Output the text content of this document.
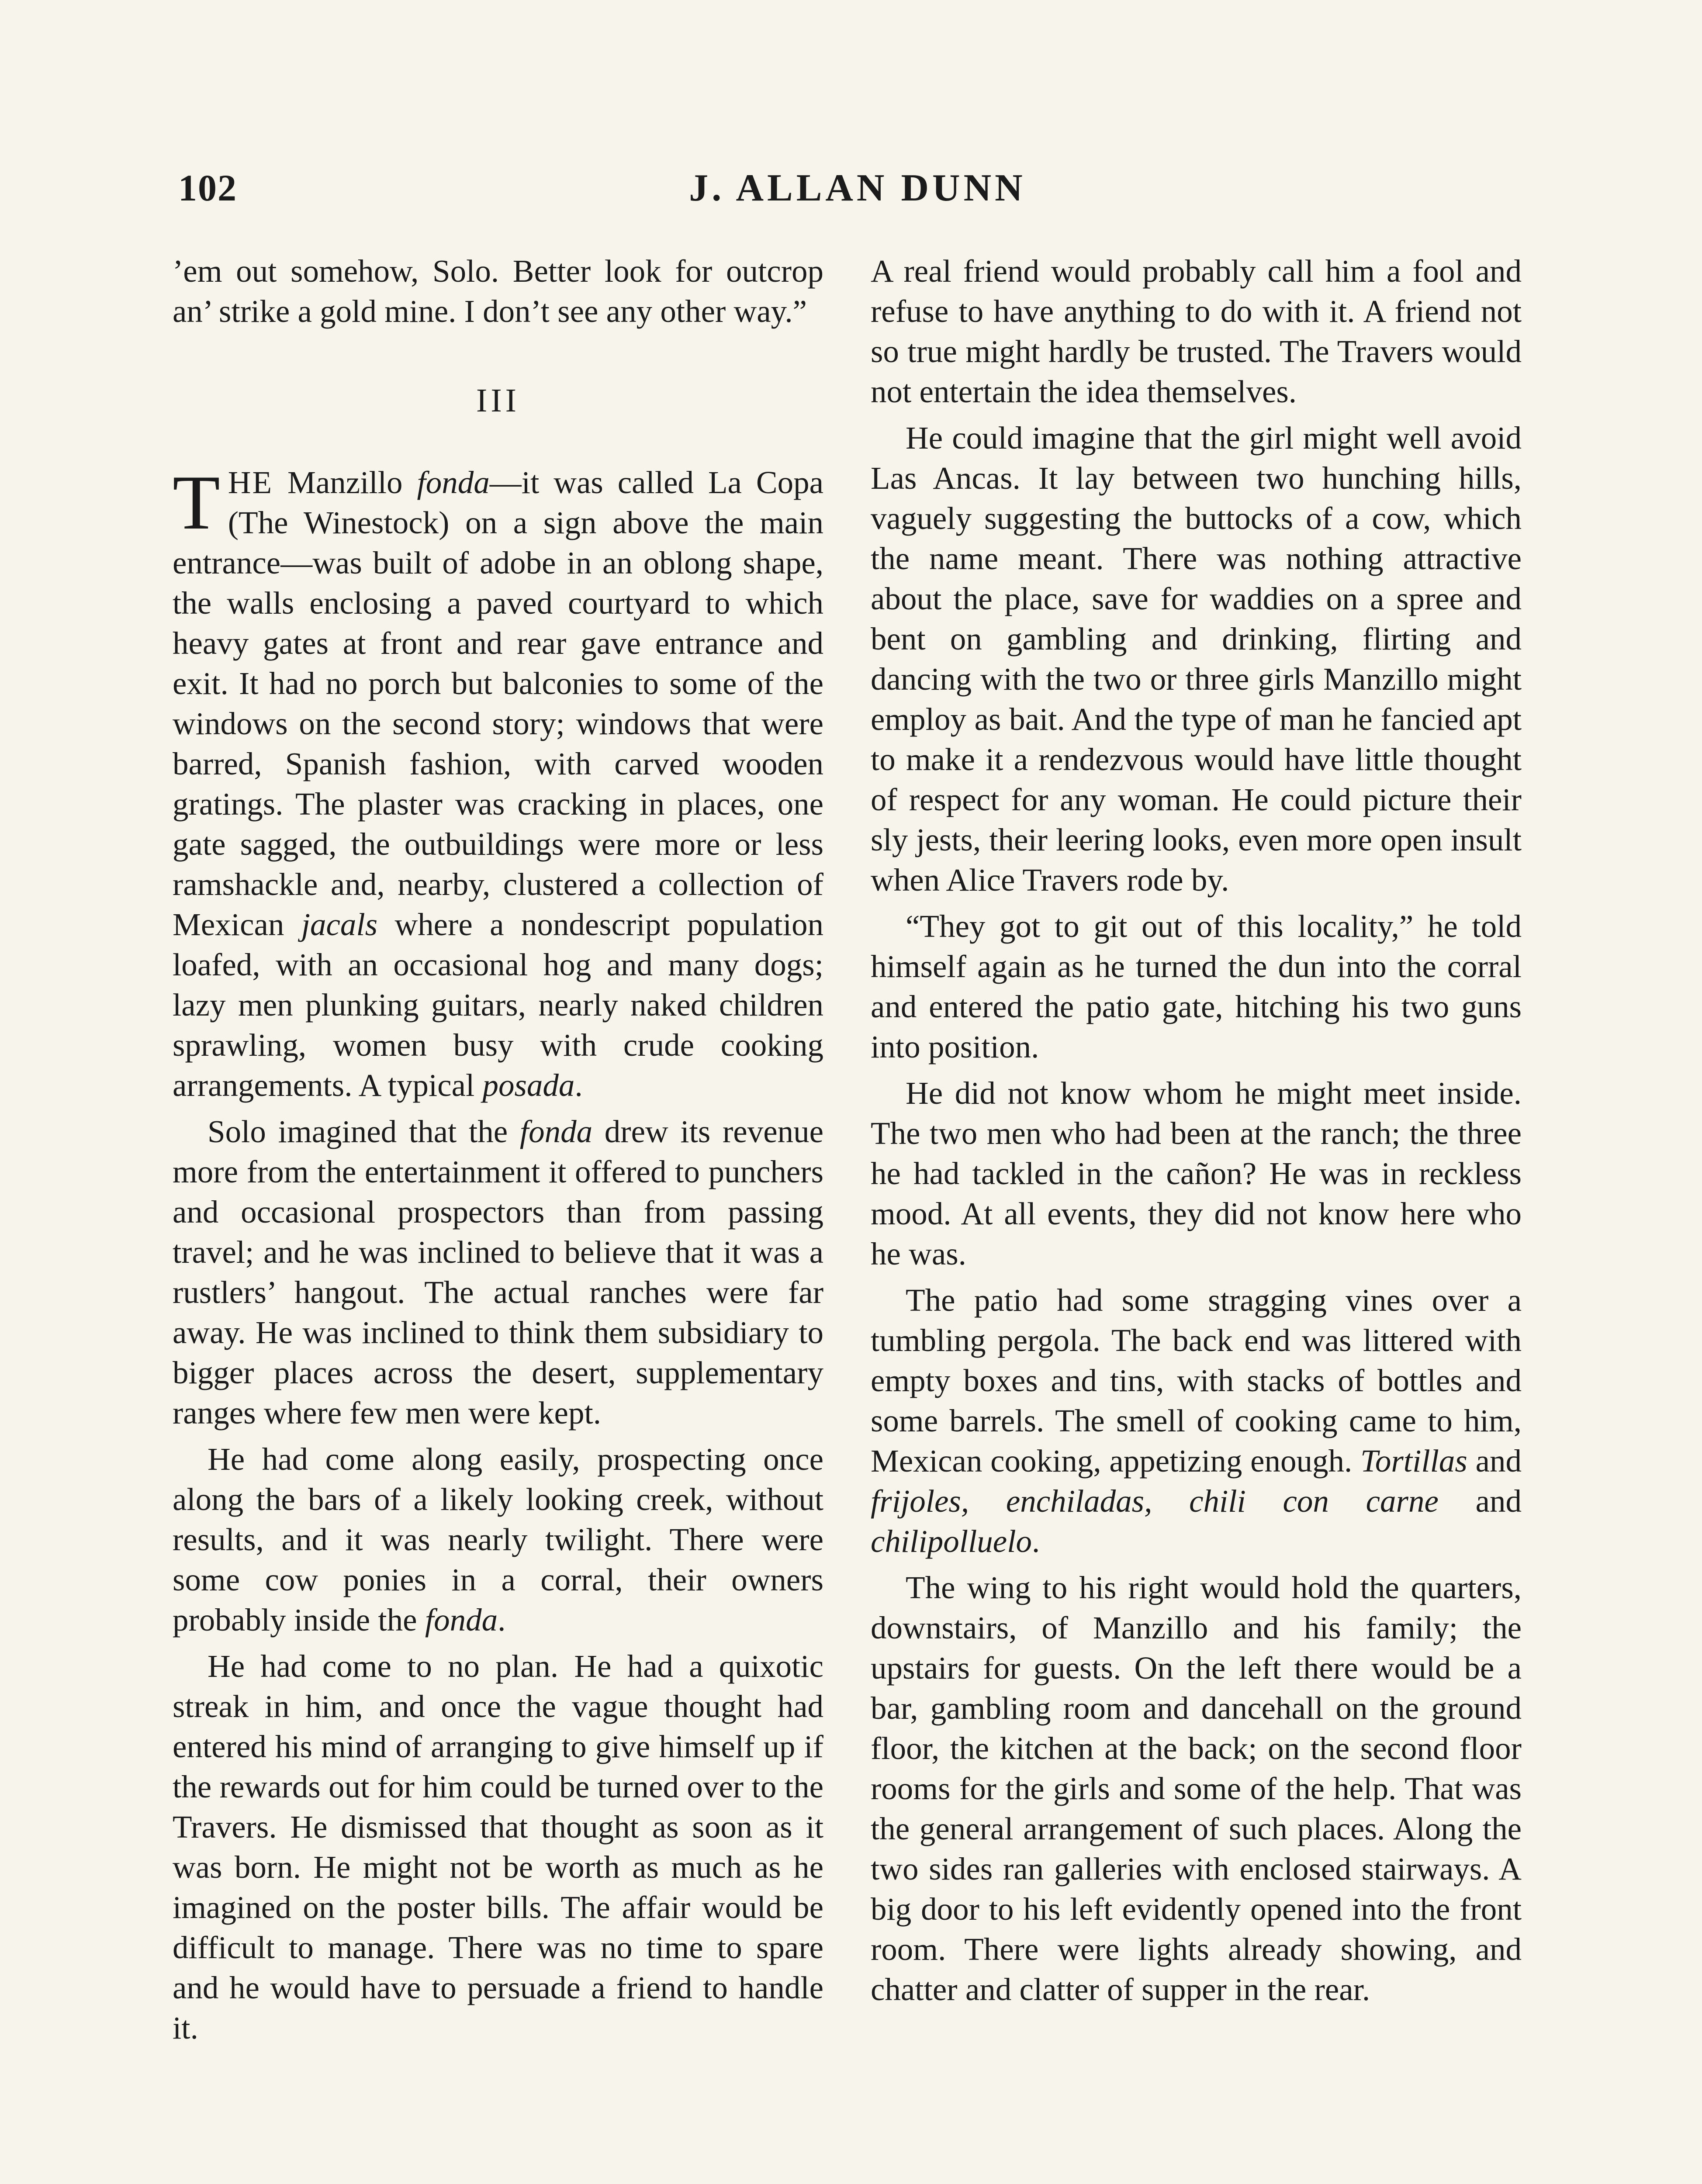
102	J. ALLAN DUNN

’em out somehow, Solo. Better look for outcrop an’ strike a gold mine. I don’t see any other way.”

III

THE Manzillo fonda—it was called La Copa (The Winestock) on a sign above the main entrance—was built of adobe in an oblong shape, the walls enclosing a paved courtyard to which heavy gates at front and rear gave entrance and exit. It had no porch but balconies to some of the windows on the second story; windows that were barred, Spanish fashion, with carved wooden gratings. The plaster was cracking in places, one gate sagged, the outbuildings were more or less ramshackle and, nearby, clustered a collection of Mexican jacals where a nondescript population loafed, with an occasional hog and many dogs; lazy men plunking guitars, nearly naked children sprawling, women busy with crude cooking arrangements. A typical posada.

Solo imagined that the fonda drew its revenue more from the entertainment it offered to punchers and occasional prospectors than from passing travel; and he was inclined to believe that it was a rustlers’ hangout. The actual ranches were far away. He was inclined to think them subsidiary to bigger places across the desert, supplementary ranges where few men were kept.

He had come along easily, prospecting once along the bars of a likely looking creek, without results, and it was nearly twilight. There were some cow ponies in a corral, their owners probably inside the fonda.

He had come to no plan. He had a quixotic streak in him, and once the vague thought had entered his mind of arranging to give himself up if the rewards out for him could be turned over to the Travers. He dismissed that thought as soon as it was born. He might not be worth as much as he imagined on the poster bills. The affair would be difficult to manage. There was no time to spare and he would have to persuade a friend to handle it.

A real friend would probably call him a fool and refuse to have anything to do with it. A friend not so true might hardly be trusted. The Travers would not entertain the idea themselves.

He could imagine that the girl might well avoid Las Ancas. It lay between two hunching hills, vaguely suggesting the buttocks of a cow, which the name meant. There was nothing attractive about the place, save for waddies on a spree and bent on gambling and drinking, flirting and dancing with the two or three girls Manzillo might employ as bait. And the type of man he fancied apt to make it a rendezvous would have little thought of respect for any woman. He could picture their sly jests, their leering looks, even more open insult when Alice Travers rode by.

“They got to git out of this locality,” he told himself again as he turned the dun into the corral and entered the patio gate, hitching his two guns into position.

He did not know whom he might meet inside. The two men who had been at the ranch; the three he had tackled in the cañon? He was in reckless mood. At all events, they did not know here who he was.

The patio had some stragging vines over a tumbling pergola. The back end was littered with empty boxes and tins, with stacks of bottles and some barrels. The smell of cooking came to him, Mexican cooking, appetizing enough. Tortillas and frijoles, enchiladas, chili con carne and chilipolluelo.

The wing to his right would hold the quarters, downstairs, of Manzillo and his family; the upstairs for guests. On the left there would be a bar, gambling room and dancehall on the ground floor, the kitchen at the back; on the second floor rooms for the girls and some of the help. That was the general arrangement of such places. Along the two sides ran galleries with enclosed stairways. A big door to his left evidently opened into the front room. There were lights already showing, and chatter and clatter of supper in the rear.
